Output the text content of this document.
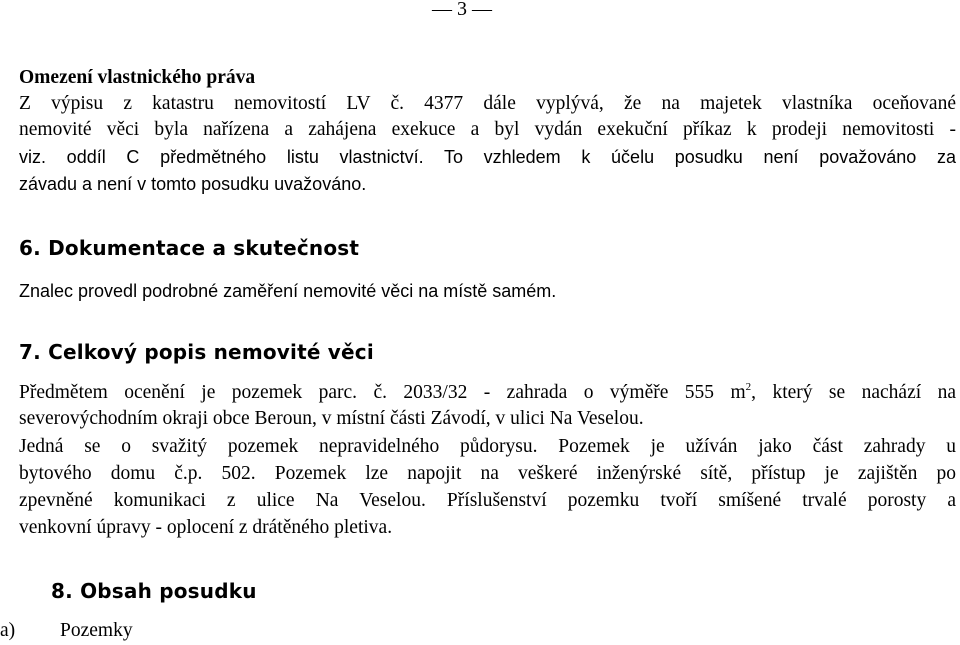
— 3 —
Omezení vlastnického práva
Z výpisu z katastru nemovitostí LV č. 4377 dále vyplývá, že na majetek vlastníka oceňované
nemovité věci byla nařízena a zahájena exekuce a byl vydán exekuční příkaz k prodeji nemovitosti -
viz. oddíl C předmětného listu vlastnictví. To vzhledem k účelu posudku není považováno za
závadu a není v tomto posudku uvažováno.
6. Dokumentace a skutečnost
Znalec provedl podrobné zaměření nemovité věci na místě samém.
7. Celkový popis nemovité věci
Předmětem ocenění je pozemek parc. č. 2033/32 - zahrada o výměře 555 $m^2$, který se nachází na
severovýchodním okraji obce Beroun, v místní části Závodí, v ulici Na Veselou.
Jedná se o svažitý pozemek nepravidelného půdorysu. Pozemek je užíván jako část zahrady u
bytového domu č.p. 502. Pozemek lze napojit na veškeré inženýrské sítě, přístup je zajištěn po
zpevněné komunikaci z ulice Na Veselou. Příslušenství pozemku tvoří smíšené trvalé porosty a
venkovní úpravy - oplocení z drátěného pletiva.
8. Obsah posudku
a) Pozemky
